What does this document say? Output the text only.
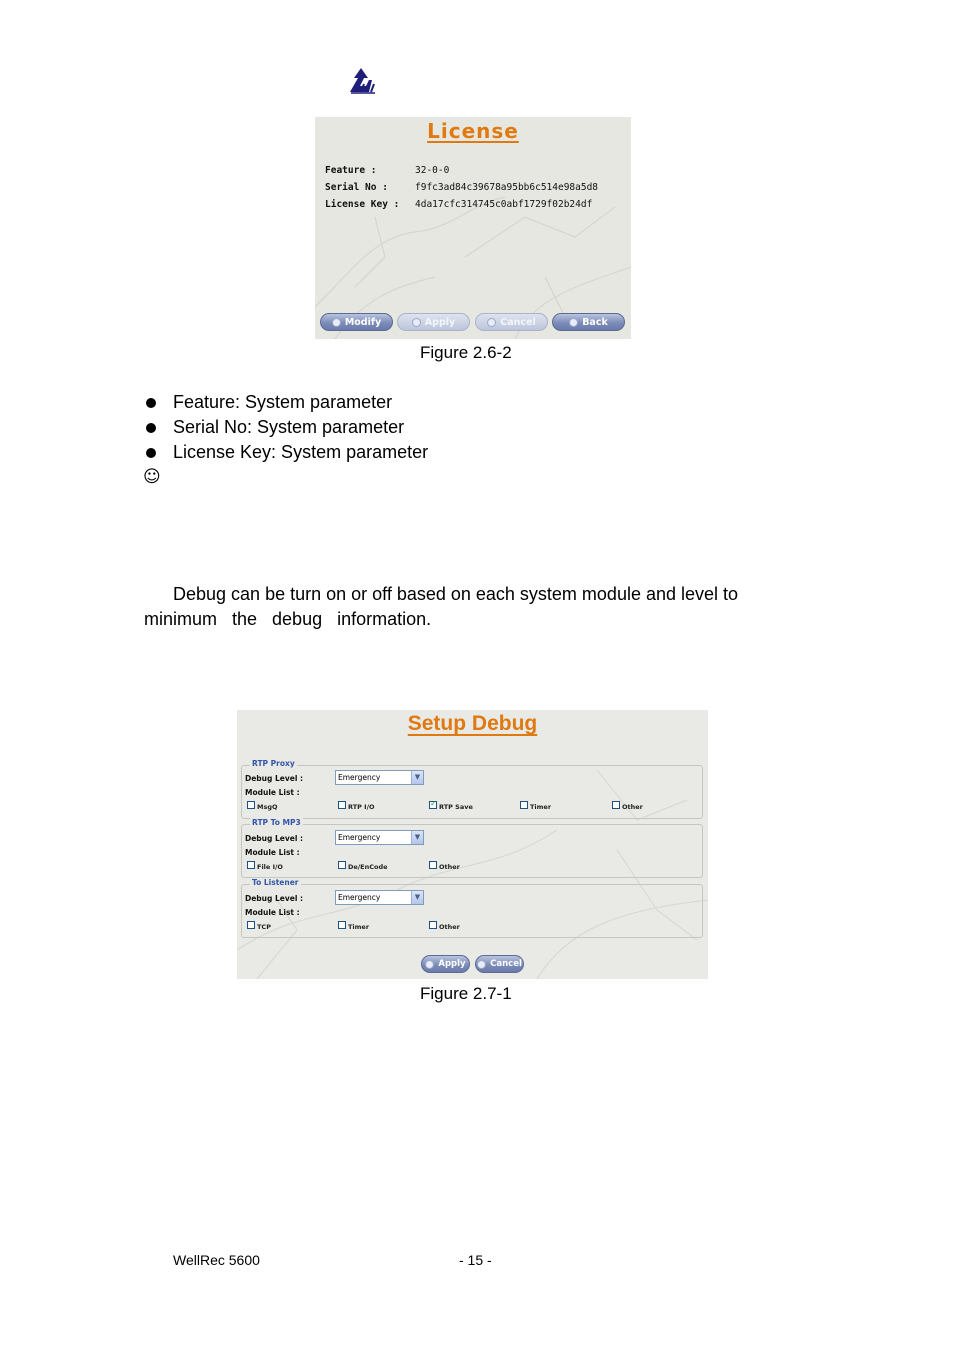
License
Feature :	32-0-0
Serial No :	f9fc3ad84c39678a95bb6c514e98a5d8
License Key : 4da17cfc314745c0abf1729f02b24df
Modify	Apply	Cancel	Back
Figure 2.6-2
Feature: System parameter
Serial No: System parameter
License Key: System parameter
☺
Debug can be turn on or off based on each system module and level to
minimum   the   debug   information.
Setup Debug
RTP Proxy
Debug Level :	Emergency	▼
Module List :
MsgQ	RTP I/O
✓	RTP Save	Timer	Other
RTP To MP3
Debug Level :	Emergency	▼
Module List :
File I/O	De/EnCode	Other
To Listener
Debug Level :	Emergency	▼
Module List :
TCP	Timer	Other
Apply	Cancel
Figure 2.7-1
WellRec 5600	- 15 -
